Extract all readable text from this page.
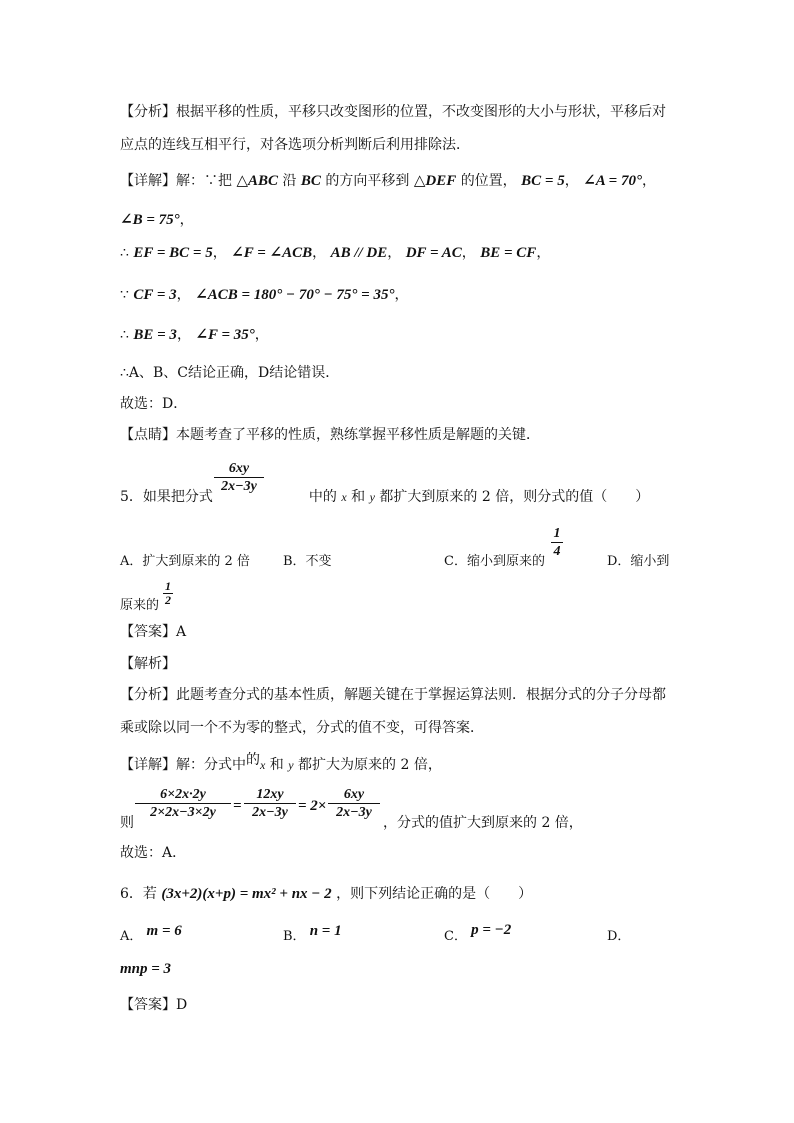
【分析】根据平移的性质，平移只改变图形的位置，不改变图形的大小与形状，平移后对
应点的连线互相平行，对各选项分析判断后利用排除法．
【详解】解：∵把 △ABC 沿 BC 的方向平移到 △DEF 的位置， BC = 5， ∠A = 70°，
∠B = 75°，
∴ EF = BC = 5， ∠F = ∠ACB， AB // DE， DF = AC， BE = CF，
∵ CF = 3， ∠ACB = 180° − 70° − 75° = 35°，
∴ BE = 3， ∠F = 35°，
∴A、B、C结论正确，D结论错误．
故选：D．
【点睛】本题考查了平移的性质，熟练掌握平移性质是解题的关键．
5．如果把分式	中的 x 和 y 都扩大到原来的 2 倍，则分式的值（　　）
6xy
2x−3y
A．扩大到原来的 2 倍	B．不变	C．缩小到原来的
1
4
D．缩小到
原来的
1
2
【答案】A
【解析】
【分析】此题考查分式的基本性质，解题关键在于掌握运算法则．根据分式的分子分母都
乘或除以同一个不为零的整式，分式的值不变，可得答案．
【详解】解：分式中的x 和 y 都扩大为原来的 2 倍，
则
6×2x·2y
2×2x−3×2y	=
12xy
2x−3y = 2×
6xy
2x−3y
，分式的值扩大到原来的 2 倍，
故选：A．
6．若 (3x+2)(x+p) = mx² + nx − 2 ，则下列结论正确的是（　　）
A． m = 6	B． n = 1	C． p = −2	D．
mnp = 3
【答案】D
